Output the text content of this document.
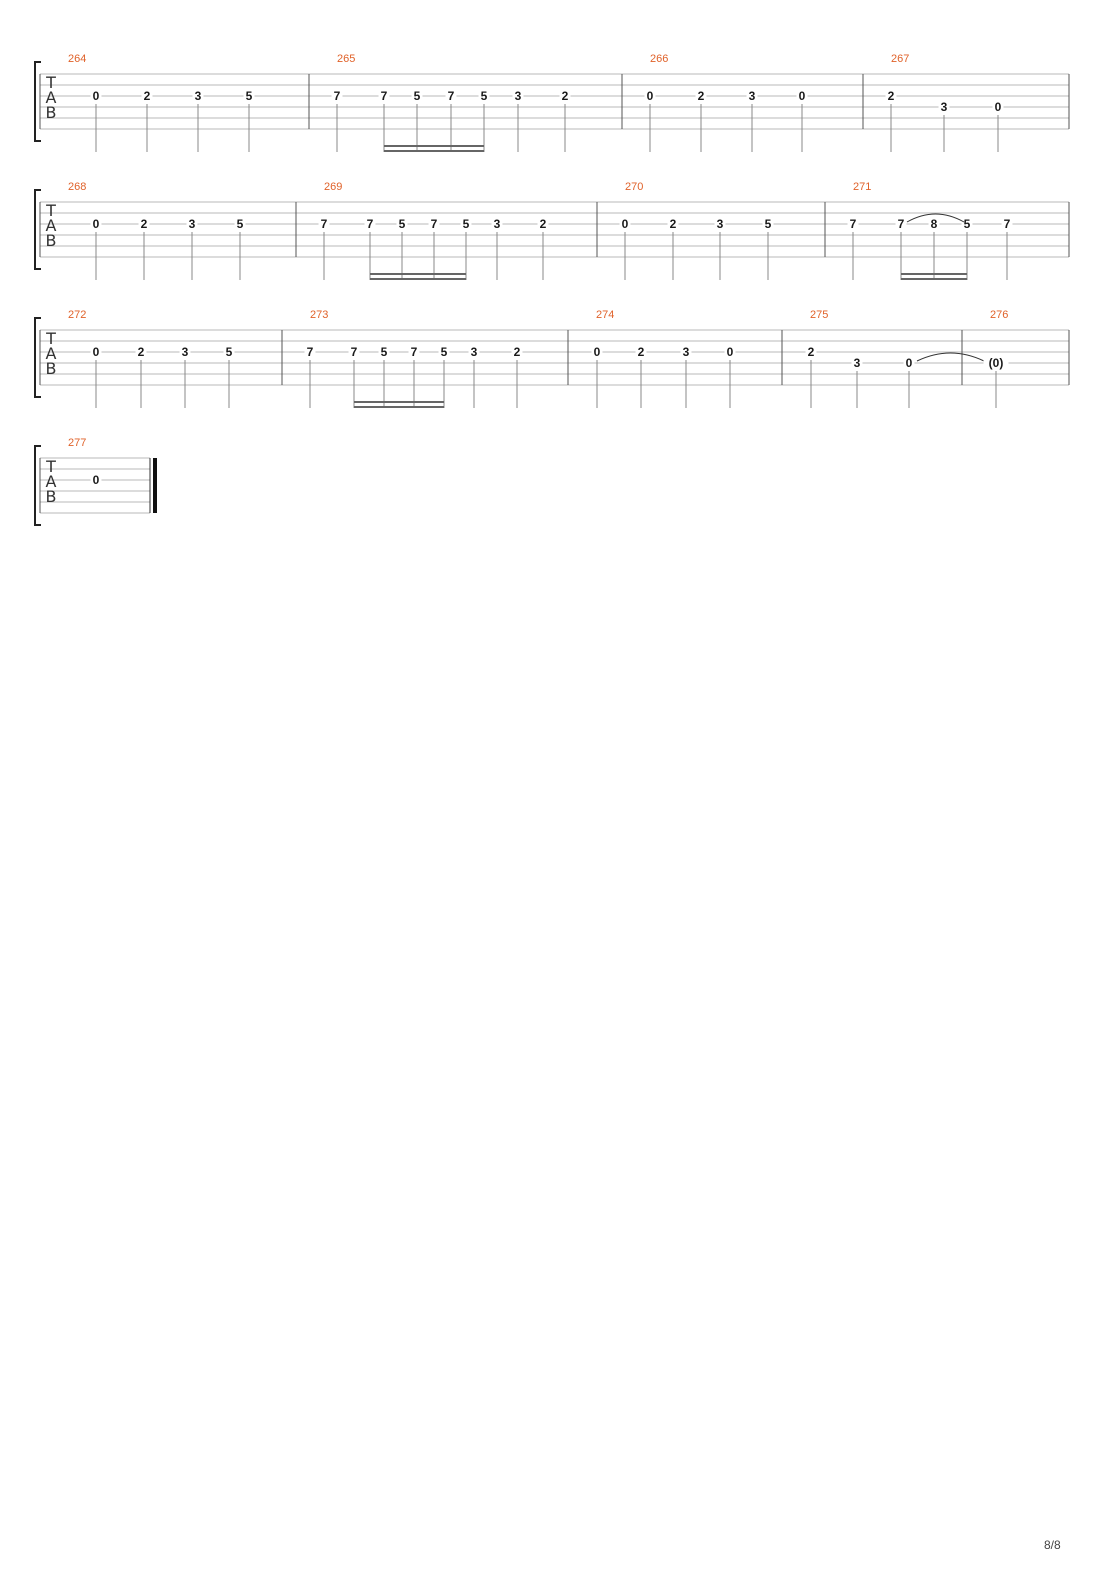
T
A
B
264
0	2	3	5
265
7	7 5 7 5 3	2
266
0	2	3	0
267
2
3	0
T
A
B
268
0	2	3	5
269
7	7 5 7 5 3	2
270
0	2	3	5
271
7	7 8 5	7
T
A
B
272
0	2	3	5
273
7	7 5 7 5 3	2
274
0	2	3	0
275
2
3	0
276
(0)
T
A
B
277
0
8/8
